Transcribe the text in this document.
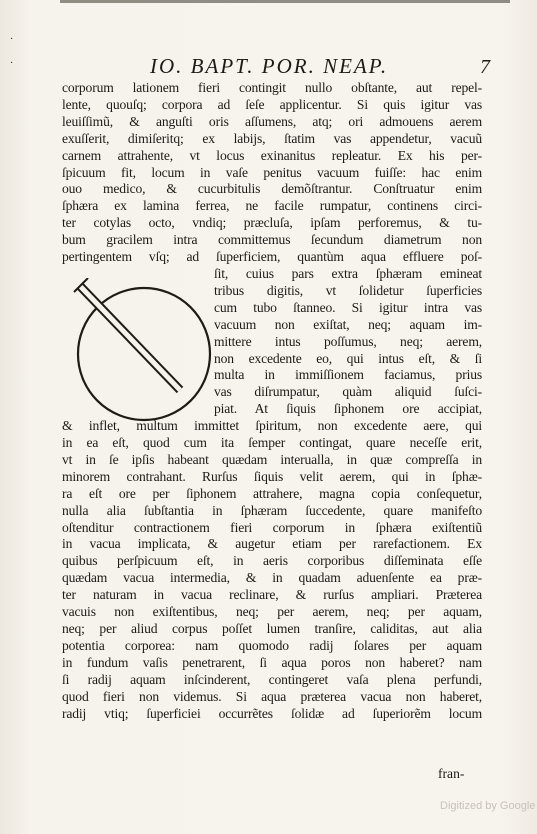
IO. BAPT. POR. NEAP.	7
corporum lationem fieri contingit nullo obſtante, aut repel-
lente, quouſq; corpora ad ſeſe applicentur. Si quis igitur vas
leuiſſimũ, & anguſti oris aſſumens, atq; ori admouens aerem
exuſſerit, dimiſeritq; ex labijs, ſtatim vas appendetur, vacuũ
carnem attrahente, vt locus exinanitus repleatur. Ex his per-
ſpicuum fit, locum in vaſe penitus vacuum fuiſſe: hac enim
ouo medico, & cucurbitulis demõſtrantur. Conſtruatur enim
ſphæra ex lamina ferrea, ne facile rumpatur, continens circi-
ter cotylas octo, vndiq; præcluſa, ipſam perforemus, & tu-
bum gracilem intra committemus ſecundum diametrum non
pertingentem vſq; ad ſuperficiem, quantùm aqua effluere poſ-
ſit, cuius pars extra ſphæram emineat
tribus digitis, vt ſolidetur ſuperficies
cum tubo ſtanneo. Si igitur intra vas
vacuum non exiſtat, neq; aquam im-
mittere intus poſſumus, neq; aerem,
non excedente eo, qui intus eſt, & ſi
multa in immiſſionem faciamus, prius
vas diſrumpatur, quàm aliquid ſuſci-
piat. At ſiquis ſiphonem ore accipiat,
& inflet, multum immittet ſpiritum, non excedente aere, qui
in ea eſt, quod cum ita ſemper contingat, quare neceſſe erit,
vt in ſe ipſis habeant quædam interualla, in quæ compreſſa in
minorem contrahant. Rurſus ſiquis velit aerem, qui in ſphæ-
ra eſt ore per ſiphonem attrahere, magna copia conſequetur,
nulla alia ſubſtantia in ſphæram ſuccedente, quare manifeſto
oſtenditur contractionem fieri corporum in ſphæra exiſtentiũ
in vacua implicata, & augetur etiam per rarefactionem. Ex
quibus perſpicuum eſt, in aeris corporibus diſſeminata eſſe
quædam vacua intermedia, & in quadam aduenſente ea præ-
ter naturam in vacua reclinare, & rurſus ampliari. Præterea
vacuis non exiſtentibus, neq; per aerem, neq; per aquam,
neq; per aliud corpus poſſet lumen tranſire, caliditas, aut alia
potentia corporea: nam quomodo radij ſolares per aquam
in fundum vaſis penetrarent, ſi aqua poros non haberet? nam
ſi radij aquam inſcinderent, contingeret vaſa plena perfundi,
quod fieri non videmus. Si aqua præterea vacua non haberet,
radij vtiq; ſuperficiei occurrẽtes ſolidæ ad ſuperiorẽm locum
fran-
·
·
Digitized by Google
